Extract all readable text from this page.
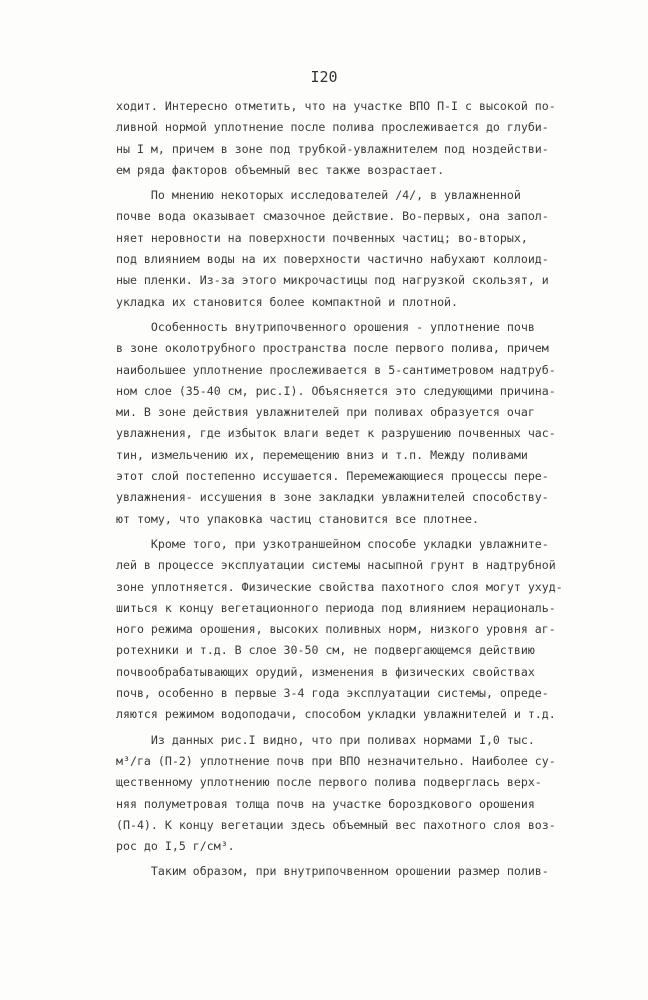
I20
ходит. Интересно отметить, что на участке ВПО П-I с высокой по-
ливной нормой уплотнение после полива прослеживается до глуби-
ны I м, причем в зоне под трубкой-увлажнителем под ноздействи-
ем ряда факторов объемный вес также возрастает.
По мнению некоторых исследователей /4/, в увлажненной
почве вода оказывает смазочное действие. Во-первых, она запол-
няет неровности на поверхности почвенных частиц; во-вторых,
под влиянием воды на их поверхности частично набухают коллоид-
ные пленки. Из-за этого микрочастицы под нагрузкой скользят, и
укладка их становится более компактной и плотной.
Особенность внутрипочвенного орошения - уплотнение почв
в зоне околотрубного пространства после первого полива, причем
наибольшее уплотнение прослеживается в 5-сантиметровом надтруб-
ном слое (35-40 см, рис.I). Объясняется это следующими причина-
ми. В зоне действия увлажнителей при поливах образуется очаг
увлажнения, где избыток влаги ведет к разрушению почвенных час-
тин, измельчению их, перемещению вниз и т.п. Между поливами
этот слой постепенно иссушается. Перемежающиеся процессы пере-
увлажнения- иссушения в зоне закладки увлажнителей способству-
ют тому, что упаковка частиц становится все плотнее.
Кроме того, при узкотраншейном способе укладки увлажните-
лей в процессе эксплуатации системы насыпной грунт в надтрубной
зоне уплотняется. Физические свойства пахотного слоя могут ухуд-
шиться к концу вегетационного периода под влиянием нерациональ-
ного режима орошения, высоких поливных норм, низкого уровня аг-
ротехники и т.д. В слое 30-50 см, не подвергающемся действию
почвообрабатывающих орудий, изменения в физических свойствах
почв, особенно в первые 3-4 года эксплуатации системы, опреде-
ляются режимом водоподачи, способом укладки увлажнителей и т.д.
Из данных рис.I видно, что при поливах нормами I,0 тыс.
м³/га (П-2) уплотнение почв при ВПО незначительно. Наиболее су-
щественному уплотнению после первого полива подверглась верх-
няя полуметровая толща почв на участке бороздкового орошения
(П-4). К концу вегетации здесь объемный вес пахотного слоя воз-
рос до I,5 г/см³.
Таким образом, при внутрипочвенном орошении размер полив-
